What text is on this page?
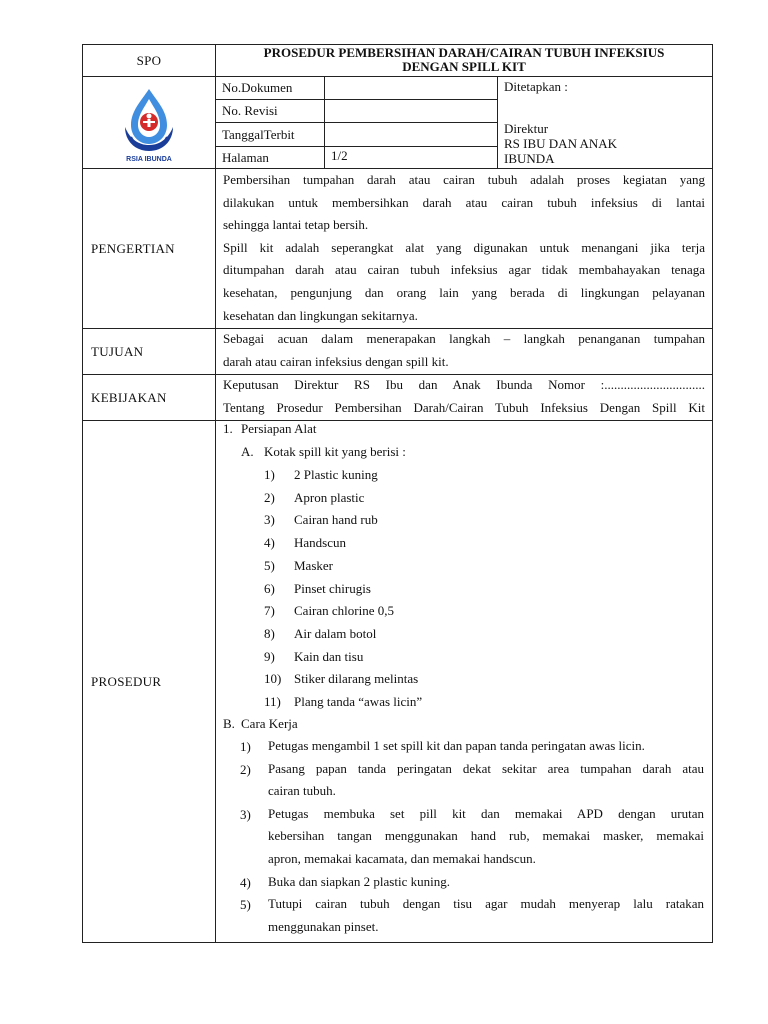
SPO	PROSEDUR PEMBERSIHAN DARAH/CAIRAN TUBUH INFEKSIUS
DENGAN SPILL KIT
RSIA IBUNDA
No.Dokumen
No. Revisi
TanggalTerbit
Halaman	1/2
Ditetapkan :
Direktur
RS IBU DAN ANAK
IBUNDA
PENGERTIAN
Pembersihan tumpahan darah atau cairan tubuh adalah proses kegiatan yang
dilakukan untuk membersihkan darah atau cairan tubuh infeksius di lantai
sehingga lantai tetap bersih.
Spill kit adalah seperangkat alat yang digunakan untuk menangani jika terja
ditumpahan darah atau cairan tubuh infeksius agar tidak membahayakan tenaga
kesehatan, pengunjung dan orang lain yang berada di lingkungan pelayanan
kesehatan dan lingkungan sekitarnya.
TUJUAN
Sebagai acuan dalam menerapakan langkah – langkah penanganan tumpahan
darah atau cairan infeksius dengan spill kit.
KEBIJAKAN
Keputusan Direktur RS Ibu dan Anak Ibunda Nomor :...............................
Tentang Prosedur Pembersihan Darah/Cairan Tubuh Infeksius Dengan Spill Kit
PROSEDUR
1. Persiapan Alat
A. Kotak spill kit yang berisi :
1) 2 Plastic kuning
2) Apron plastic
3) Cairan hand rub
4) Handscun
5) Masker
6) Pinset chirugis
7) Cairan chlorine 0,5
8) Air dalam botol
9) Kain dan tisu
10) Stiker dilarang melintas
11) Plang tanda “awas licin”
B. Cara Kerja
1) Petugas mengambil 1 set spill kit dan papan tanda peringatan awas licin.
2) Pasang papan tanda peringatan dekat sekitar area tumpahan darah atau
cairan tubuh.
3) Petugas membuka set pill kit dan memakai APD dengan urutan
kebersihan tangan menggunakan hand rub, memakai masker, memakai
apron, memakai kacamata, dan memakai handscun.
4) Buka dan siapkan 2 plastic kuning.
5) Tutupi cairan tubuh dengan tisu agar mudah menyerap lalu ratakan
menggunakan pinset.
